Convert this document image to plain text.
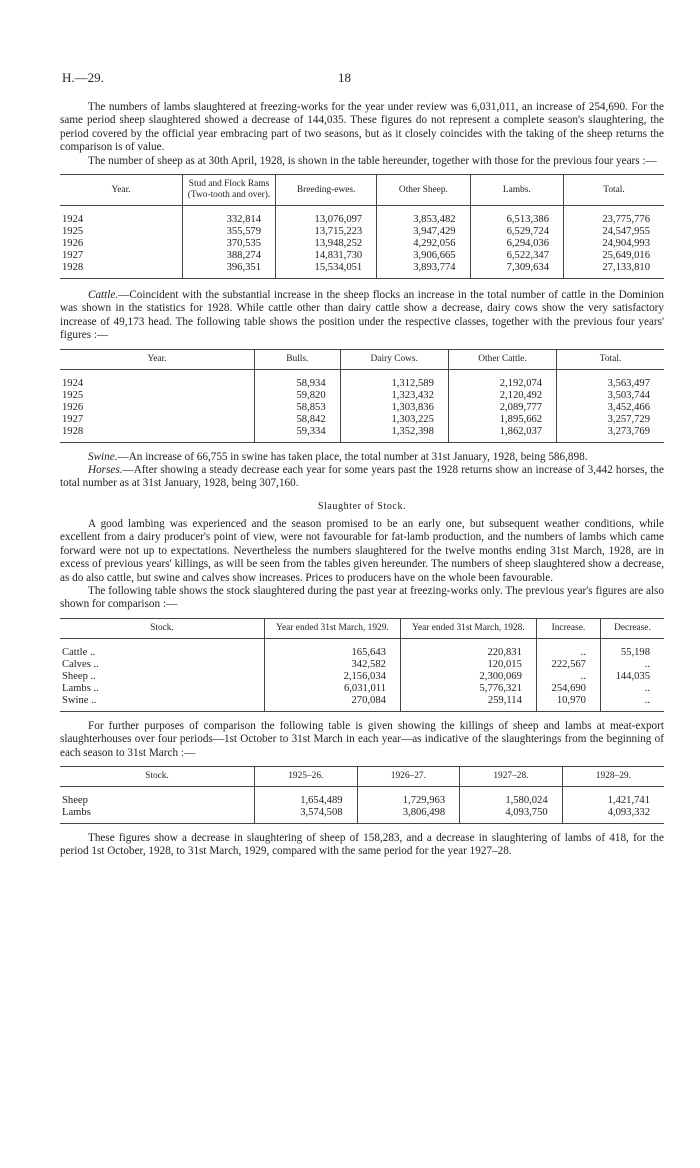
H.—29.	18

The numbers of lambs slaughtered at freezing-works for the year under review was 6,031,011, an increase of 254,690. For the same period sheep slaughtered showed a decrease of 144,035. These figures do not represent a complete season's slaughtering, the period covered by the official year embracing part of two seasons, but as it closely coincides with the taking of the sheep returns the comparison is of value.

The number of sheep as at 30th April, 1928, is shown in the table hereunder, together with those for the previous four years :—

Year.	Stud and Flock Rams (Two-tooth and over).	Breeding-ewes.	Other Sheep.	Lambs.	Total.

1924	332,814	13,076,097	3,853,482	6,513,386	23,775,776
1925	355,579	13,715,223	3,947,429	6,529,724	24,547,955
1926	370,535	13,948,252	4,292,056	6,294,036	24,904,993
1927	388,274	14,831,730	3,906,665	6,522,347	25,649,016
1928	396,351	15,534,051	3,893,774	7,309,634	27,133,810

Cattle.—Coincident with the substantial increase in the sheep flocks an increase in the total number of cattle in the Dominion was shown in the statistics for 1928. While cattle other than dairy cattle show a decrease, dairy cows show the very satisfactory increase of 49,173 head. The following table shows the position under the respective classes, together with the previous four years' figures :—

Year.	Bulls.	Dairy Cows.	Other Cattle.	Total.

1924	58,934	1,312,589	2,192,074	3,563,497
1925	59,820	1,323,432	2,120,492	3,503,744
1926	58,853	1,303,836	2,089,777	3,452,466
1927	58,842	1,303,225	1,895,662	3,257,729
1928	59,334	1,352,398	1,862,037	3,273,769

Swine.—An increase of 66,755 in swine has taken place, the total number at 31st January, 1928, being 586,898.

Horses.—After showing a steady decrease each year for some years past the 1928 returns show an increase of 3,442 horses, the total number as at 31st January, 1928, being 307,160.

Slaughter of Stock.

A good lambing was experienced and the season promised to be an early one, but subsequent weather conditions, while excellent from a dairy producer's point of view, were not favourable for fat-lamb production, and the numbers of lambs which came forward were not up to expectations. Nevertheless the numbers slaughtered for the twelve months ending 31st March, 1928, are in excess of previous years' killings, as will be seen from the tables given hereunder. The numbers of sheep slaughtered show a decrease, as do also cattle, but swine and calves show increases. Prices to producers have on the whole been favourable.

The following table shows the stock slaughtered during the past year at freezing-works only. The previous year's figures are also shown for comparison :—

Stock.	Year ended 31st March, 1929.	Year ended 31st March, 1928.	Increase.	Decrease.

Cattle ..	165,643	220,831	..	55,198
Calves ..	342,582	120,015	222,567	..
Sheep ..	2,156,034	2,300,069	..	144,035
Lambs ..	6,031,011	5,776,321	254,690	..
Swine ..	270,084	259,114	10,970	..

For further purposes of comparison the following table is given showing the killings of sheep and lambs at meat-export slaughterhouses over four periods—1st October to 31st March in each year—as indicative of the slaughterings from the beginning of each season to 31st March :—

Stock.	1925–26.	1926–27.	1927–28.	1928–29.

Sheep	1,654,489	1,729,963	1,580,024	1,421,741
Lambs	3,574,508	3,806,498	4,093,750	4,093,332

These figures show a decrease in slaughtering of sheep of 158,283, and a decrease in slaughtering of lambs of 418, for the period 1st October, 1928, to 31st March, 1929, compared with the same period for the year 1927–28.
